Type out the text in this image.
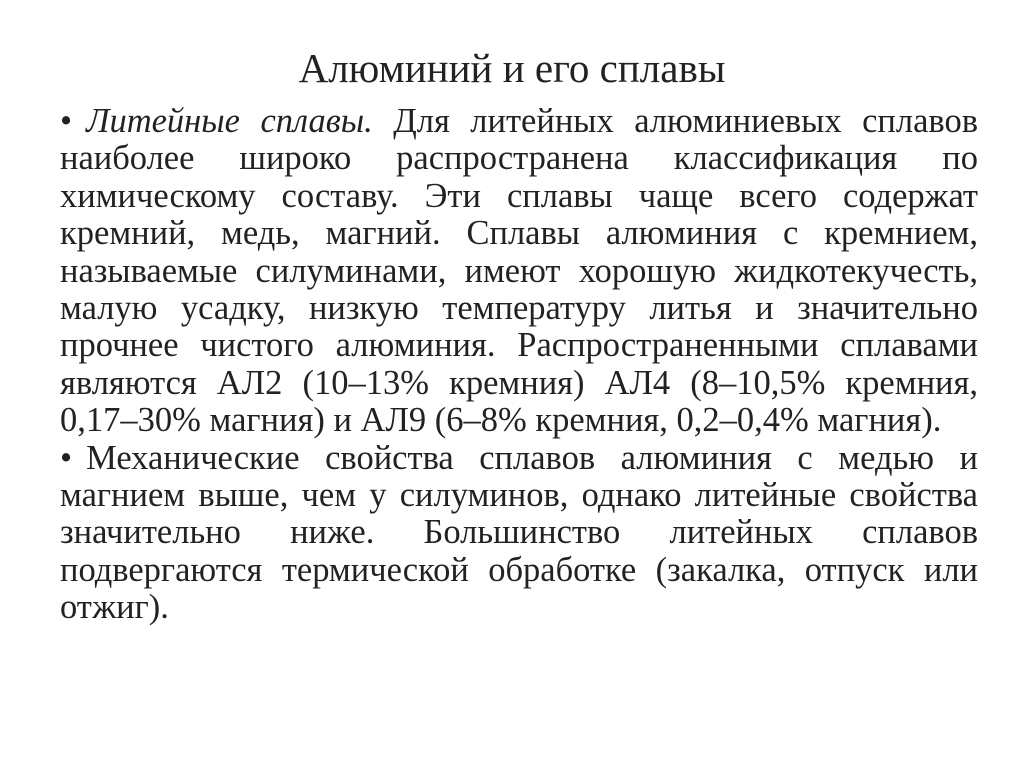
Алюминий и его сплавы
• Литейные сплавы. Для литейных алюминиевых сплавов наиболее широко распространена классификация по химическому составу. Эти сплавы чаще всего содержат кремний, медь, магний. Сплавы алюминия с кремнием, называемые силуминами, имеют хорошую жидкотекучесть, малую усадку, низкую температуру литья и значительно прочнее чистого алюминия. Распространенными сплавами являются АЛ2 (10–13% кремния) АЛ4 (8–10,5% кремния, 0,17–30% магния) и АЛ9 (6–8% кремния, 0,2–0,4% магния).
• Механические свойства сплавов алюминия с медью и магнием выше, чем у силуминов, однако литейные свойства значительно ниже. Большинство литейных сплавов подвергаются термической обработке (закалка, отпуск или отжиг).
